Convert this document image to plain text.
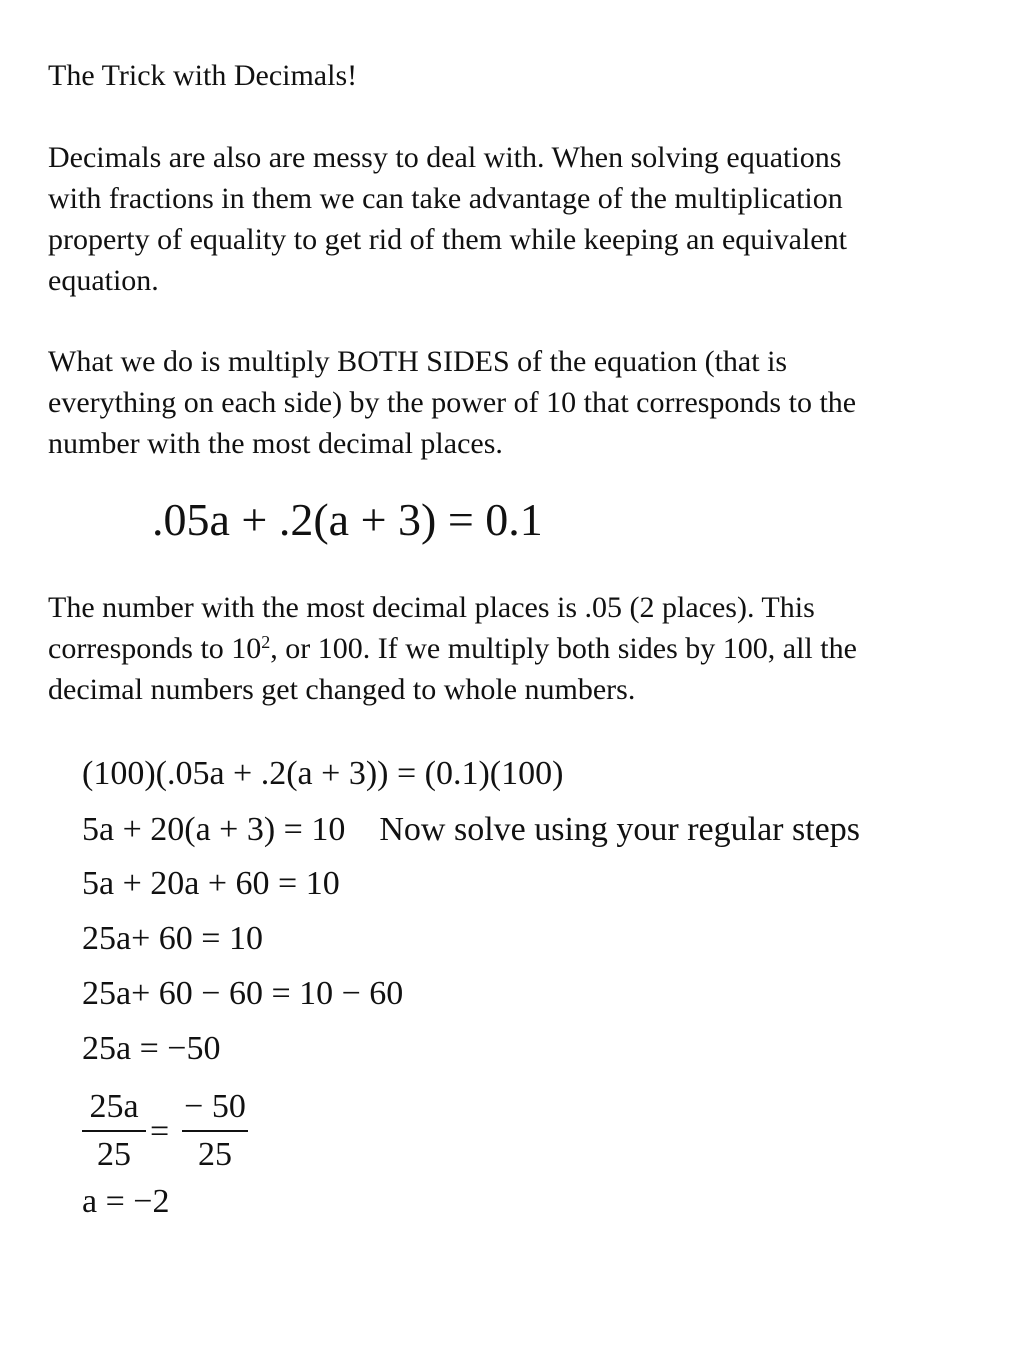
The Trick with Decimals!
Decimals are also are messy to deal with. When solving equations
with fractions in them we can take advantage of the multiplication
property of equality to get rid of them while keeping an equivalent
equation.
What we do is multiply BOTH SIDES of the equation (that is
everything on each side) by the power of 10 that corresponds to the
number with the most decimal places.
.05a + .2(a + 3) = 0.1
The number with the most decimal places is .05 (2 places). This
corresponds to $10^2$, or 100. If we multiply both sides by 100, all the
decimal numbers get changed to whole numbers.
(100)(.05a + .2(a + 3)) = (0.1)(100)
5a + 20(a + 3) = 10 Now solve using your regular steps
5a + 20a + 60 = 10
25a+ 60 = 10
25a+ 60 − 60 = 10 − 60
25a = −50
25a
25
=
− 50
25
a = −2
